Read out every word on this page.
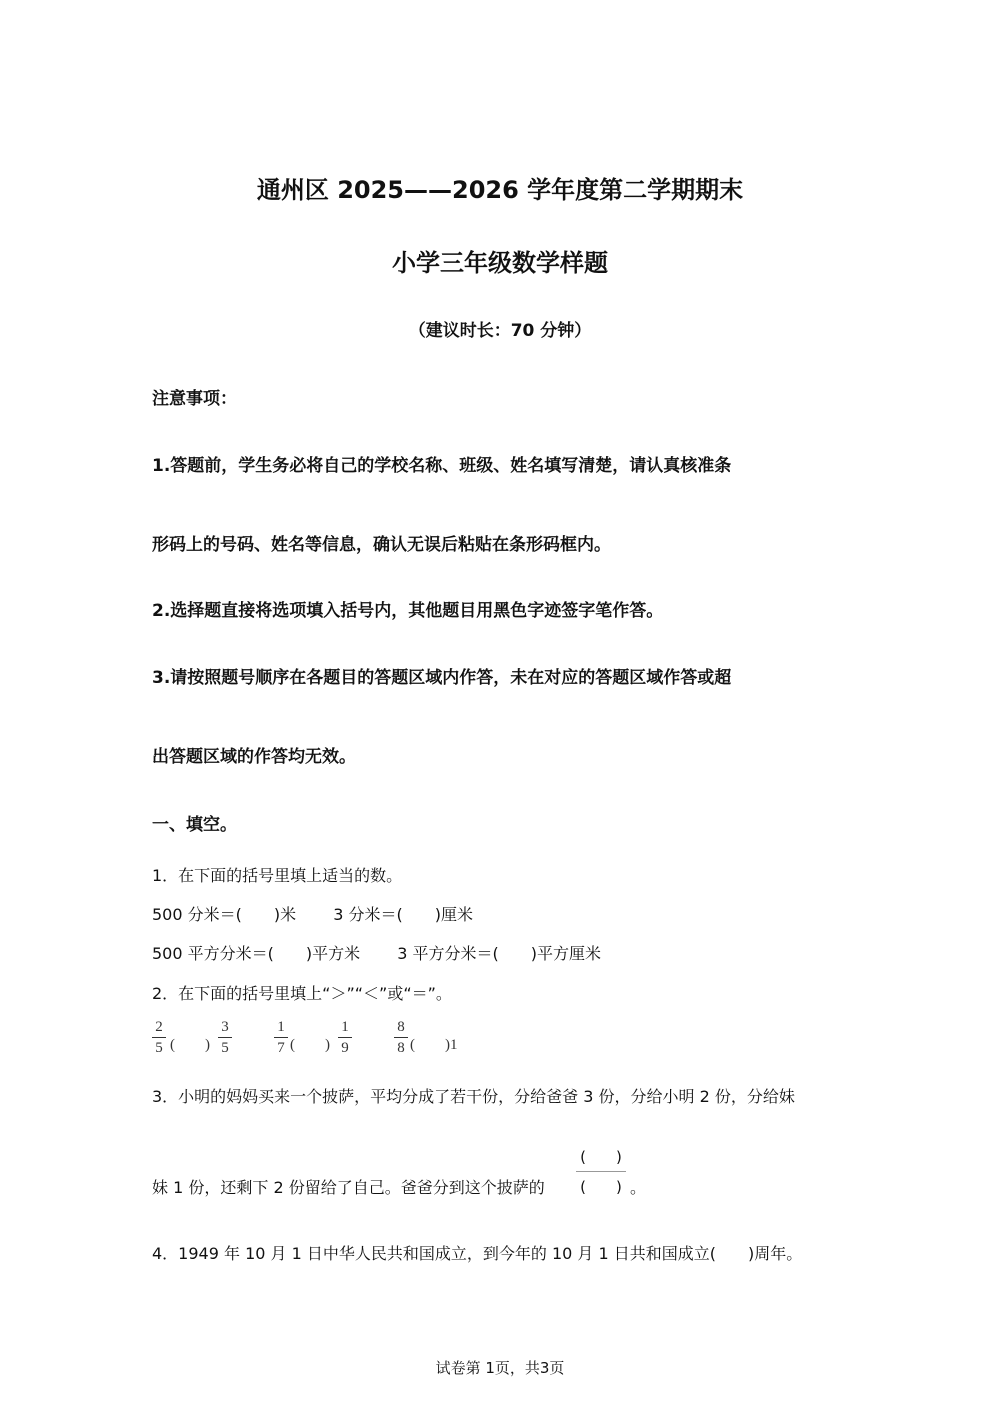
通州区 2025——2026 学年度第二学期期末
小学三年级数学样题
（建议时长：70 分钟）
注意事项：
1.答题前，学生务必将自己的学校名称、班级、姓名填写清楚，请认真核准条
形码上的号码、姓名等信息，确认无误后粘贴在条形码框内。
2.选择题直接将选项填入括号内，其他题目用黑色字迹签字笔作答。
3.请按照题号顺序在各题目的答题区域内作答，未在对应的答题区域作答或超
出答题区域的作答均无效。
一、填空。
1．在下面的括号里填上适当的数。
500 分米＝(　　)米　　 3 分米＝(　　)厘米
500 平方分米＝(　　)平方米　　 3 平方分米＝(　　)平方厘米
2．在下面的括号里填上“＞”“＜”或“＝”。
2
5 (　　)
3
5
1
7 (　　)
1
9
8
8 (　　)1
3．小明的妈妈买来一个披萨，平均分成了若干份，分给爸爸 3 份，分给小明 2 份，分给妹
妹 1 份，还剩下 2 份留给了自己。爸爸分到这个披萨的
(　　)
(　　) 。
4．1949 年 10 月 1 日中华人民共和国成立，到今年的 10 月 1 日共和国成立(　　)周年。
试卷第 1页，共3页
